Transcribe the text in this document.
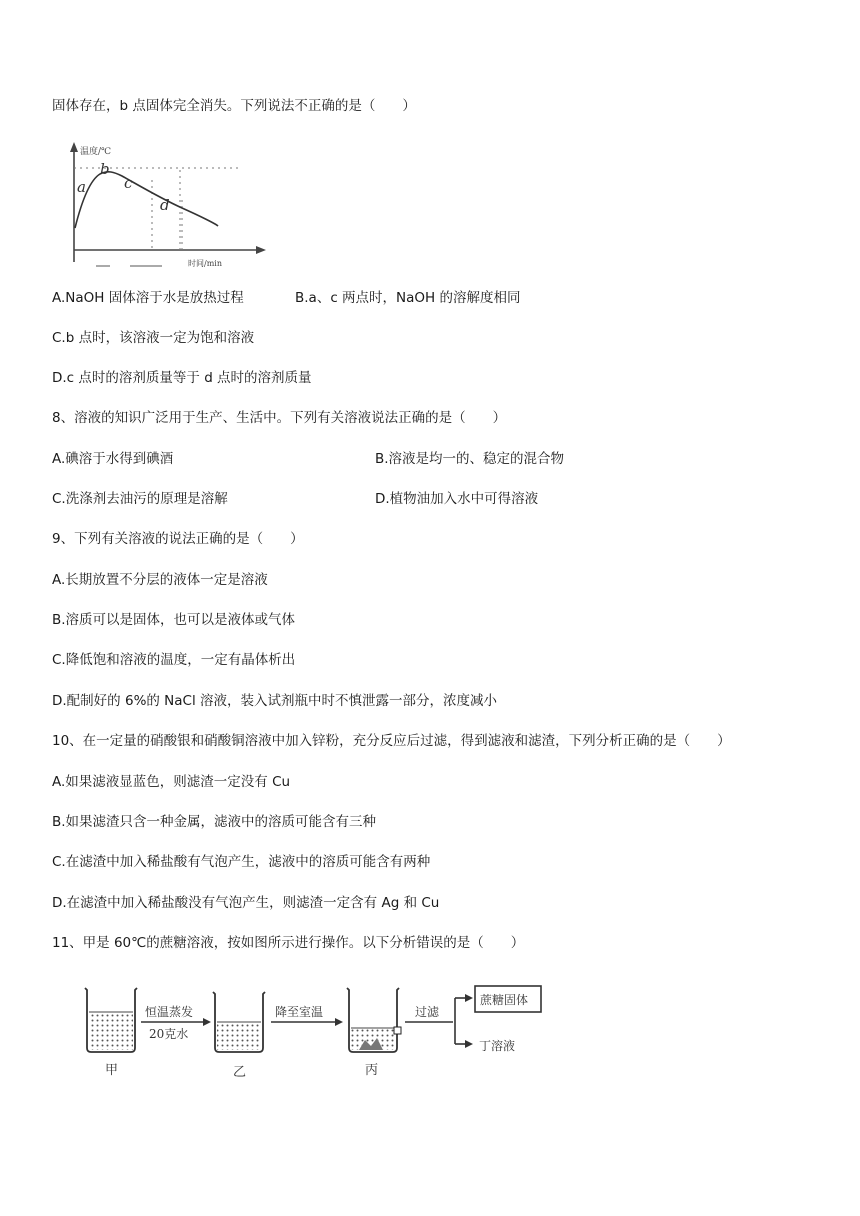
固体存在，b 点固体完全消失。下列说法不正确的是（　　）
温度/℃
时间/min
a
b
c
d
A.NaOH 固体溶于水是放热过程	B.a、c 两点时，NaOH 的溶解度相同
C.b 点时，该溶液一定为饱和溶液
D.c 点时的溶剂质量等于 d 点时的溶剂质量
8、溶液的知识广泛用于生产、生活中。下列有关溶液说法正确的是（　　）
A.碘溶于水得到碘酒	B.溶液是均一的、稳定的混合物
C.洗涤剂去油污的原理是溶解	D.植物油加入水中可得溶液
9、下列有关溶液的说法正确的是（　　）
A.长期放置不分层的液体一定是溶液
B.溶质可以是固体，也可以是液体或气体
C.降低饱和溶液的温度，一定有晶体析出
D.配制好的 6%的 NaCl 溶液，装入试剂瓶中时不慎泄露一部分，浓度减小
10、在一定量的硝酸银和硝酸铜溶液中加入锌粉，充分反应后过滤，得到滤液和滤渣，下列分析正确的是（　　）
A.如果滤液显蓝色，则滤渣一定没有 Cu
B.如果滤渣只含一种金属，滤液中的溶质可能含有三种
C.在滤渣中加入稀盐酸有气泡产生，滤液中的溶质可能含有两种
D.在滤渣中加入稀盐酸没有气泡产生，则滤渣一定含有 Ag 和 Cu
11、甲是 60℃的蔗糖溶液，按如图所示进行操作。以下分析错误的是（　　）
甲
恒温蒸发
20克水
乙
降至室温
丙
过滤
蔗糖固体
丁溶液
